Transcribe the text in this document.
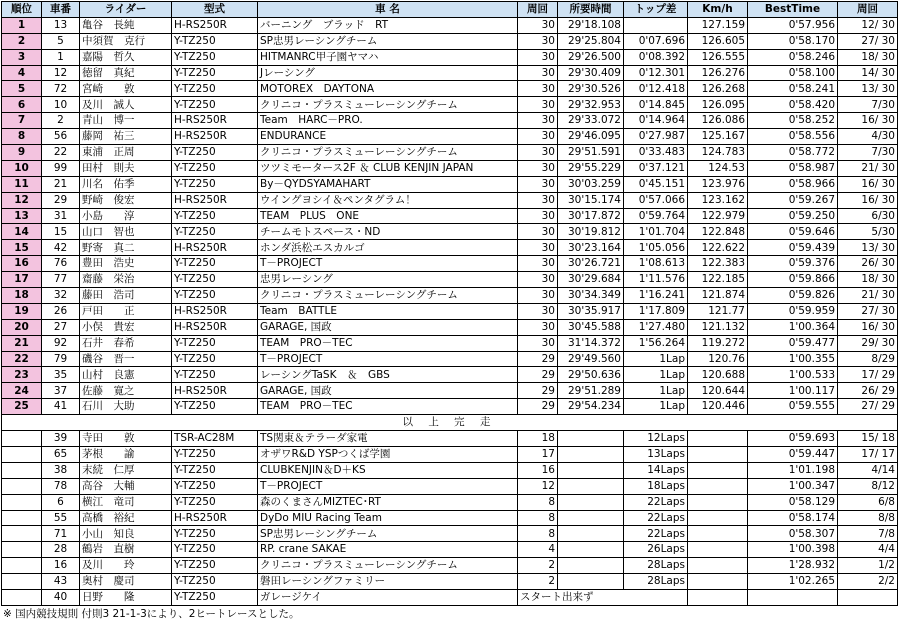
順位	車番	ライダー	型式	車 名	周回	所要時間	トップ差	Km/h	BestTime	周回
1	13	亀谷　長純	H-RS250R	バーニング　ブラッド　RT	30	29'18.108		127.159	0'57.956	12/ 30
2	5	中須賀　克行	Y-TZ250	SP忠男レーシングチーム	30	29'25.804	0'07.696	126.605	0'58.170	27/ 30
3	1	嘉陽　哲久	Y-TZ250	HITMANRC甲子園ヤマハ	30	29'26.500	0'08.392	126.555	0'58.246	18/ 30
4	12	徳留　真紀	Y-TZ250	Jレーシング	30	29'30.409	0'12.301	126.276	0'58.100	14/ 30
5	72	宮崎　　敦	Y-TZ250	MOTOREX　DAYTONA	30	29'30.526	0'12.418	126.268	0'58.241	13/ 30
6	10	及川　誠人	Y-TZ250	クリニコ・プラスミューレーシングチーム	30	29'32.953	0'14.845	126.095	0'58.420	7/30
7	2	青山　博一	H-RS250R	Team　HARC－PRO.	30	29'33.072	0'14.964	126.086	0'58.252	16/ 30
8	56	藤岡　祐三	H-RS250R	ENDURANCE	30	29'46.095	0'27.987	125.167	0'58.556	4/30
9	22	東浦　正周	Y-TZ250	クリニコ・プラスミューレーシングチーム	30	29'51.591	0'33.483	124.783	0'58.772	7/30
10	99	田村　則夫	Y-TZ250	ツツミモータース2F ＆ CLUB KENJIN JAPAN	30	29'55.229	0'37.121	124.53	0'58.987	21/ 30
11	21	川名　佑季	Y-TZ250	By－QYDSYAMAHART	30	30'03.259	0'45.151	123.976	0'58.966	16/ 30
12	29	野崎　俊宏	H-RS250R	ウイングヨシイ＆ペンタグラム！	30	30'15.174	0'57.066	123.162	0'59.267	16/ 30
13	31	小島　　淳	Y-TZ250	TEAM　PLUS　ONE	30	30'17.872	0'59.764	122.979	0'59.250	6/30
14	15	山口　智也	Y-TZ250	チームモトスペース・ND	30	30'19.812	1'01.704	122.848	0'59.646	5/30
15	42	野寄　真二	H-RS250R	ホンダ浜松エスカルゴ	30	30'23.164	1'05.056	122.622	0'59.439	13/ 30
16	76	豊田　浩史	Y-TZ250	T－PROJECT	30	30'26.721	1'08.613	122.383	0'59.376	26/ 30
17	77	齋藤　栄治	Y-TZ250	忠男レーシング	30	30'29.684	1'11.576	122.185	0'59.866	18/ 30
18	32	藤田　浩司	Y-TZ250	クリニコ・プラスミューレーシングチーム	30	30'34.349	1'16.241	121.874	0'59.826	21/ 30
19	26	戸田　　正	H-RS250R	Team　BATTLE	30	30'35.917	1'17.809	121.77	0'59.959	27/ 30
20	27	小俣　貴宏	H-RS250R	GARAGE, 国政	30	30'45.588	1'27.480	121.132	1'00.364	16/ 30
21	92	石井　春希	Y-TZ250	TEAM　PRO－TEC	30	31'14.372	1'56.264	119.272	0'59.477	29/ 30
22	79	磯谷　晋一	Y-TZ250	T－PROJECT	29	29'49.560	1Lap	120.76	1'00.355	8/29
23	35	山村　良憲	Y-TZ250	レーシングTaSK　＆　GBS	29	29'50.636	1Lap	120.688	1'00.533	17/ 29
24	37	佐藤　寛之	H-RS250R	GARAGE, 国政	29	29'51.289	1Lap	120.644	1'00.117	26/ 29
25	41	石川　大助	Y-TZ250	TEAM　PRO－TEC	29	29'54.234	1Lap	120.446	0'59.555	27/ 29
以 上 完 走										
	39	寺田　　敦	TSR-AC28M	TS関東＆テラーダ家電	18		12Laps		0'59.693	15/ 18
	65	茅根　　諭	Y-TZ250	オザワR&D YSPつくば学園	17		13Laps		0'59.447	17/ 17
	38	末続　仁厚	Y-TZ250	CLUBKENJIN＆D＋KS	16		14Laps		1'01.198	4/14
	78	高谷　大輔	Y-TZ250	T－PROJECT	12		18Laps		1'00.347	8/12
	6	横江　竜司	Y-TZ250	森のくまさんMIZTEC･RT	8		22Laps		0'58.129	6/8
	55	高橋　裕紀	H-RS250R	DyDo MIU Racing Team	8		22Laps		0'58.174	8/8
	71	小山　知良	Y-TZ250	SP忠男レーシングチーム	8		22Laps		0'58.307	7/8
	28	鶴岩　直樹	Y-TZ250	RP. crane SAKAE	4		26Laps		1'00.398	4/4
	16	及川　　玲	Y-TZ250	クリニコ・プラスミューレーシングチーム	2		28Laps		1'28.932	1/2
	43	奥村　慶司	Y-TZ250	磐田レーシングファミリー	2		28Laps		1'02.265	2/2
	40	日野　　隆	Y-TZ250	ガレージケイ	スタート出来ず					
※ 国内競技規則 付則3 21-1-3により、2ヒートレースとした。
